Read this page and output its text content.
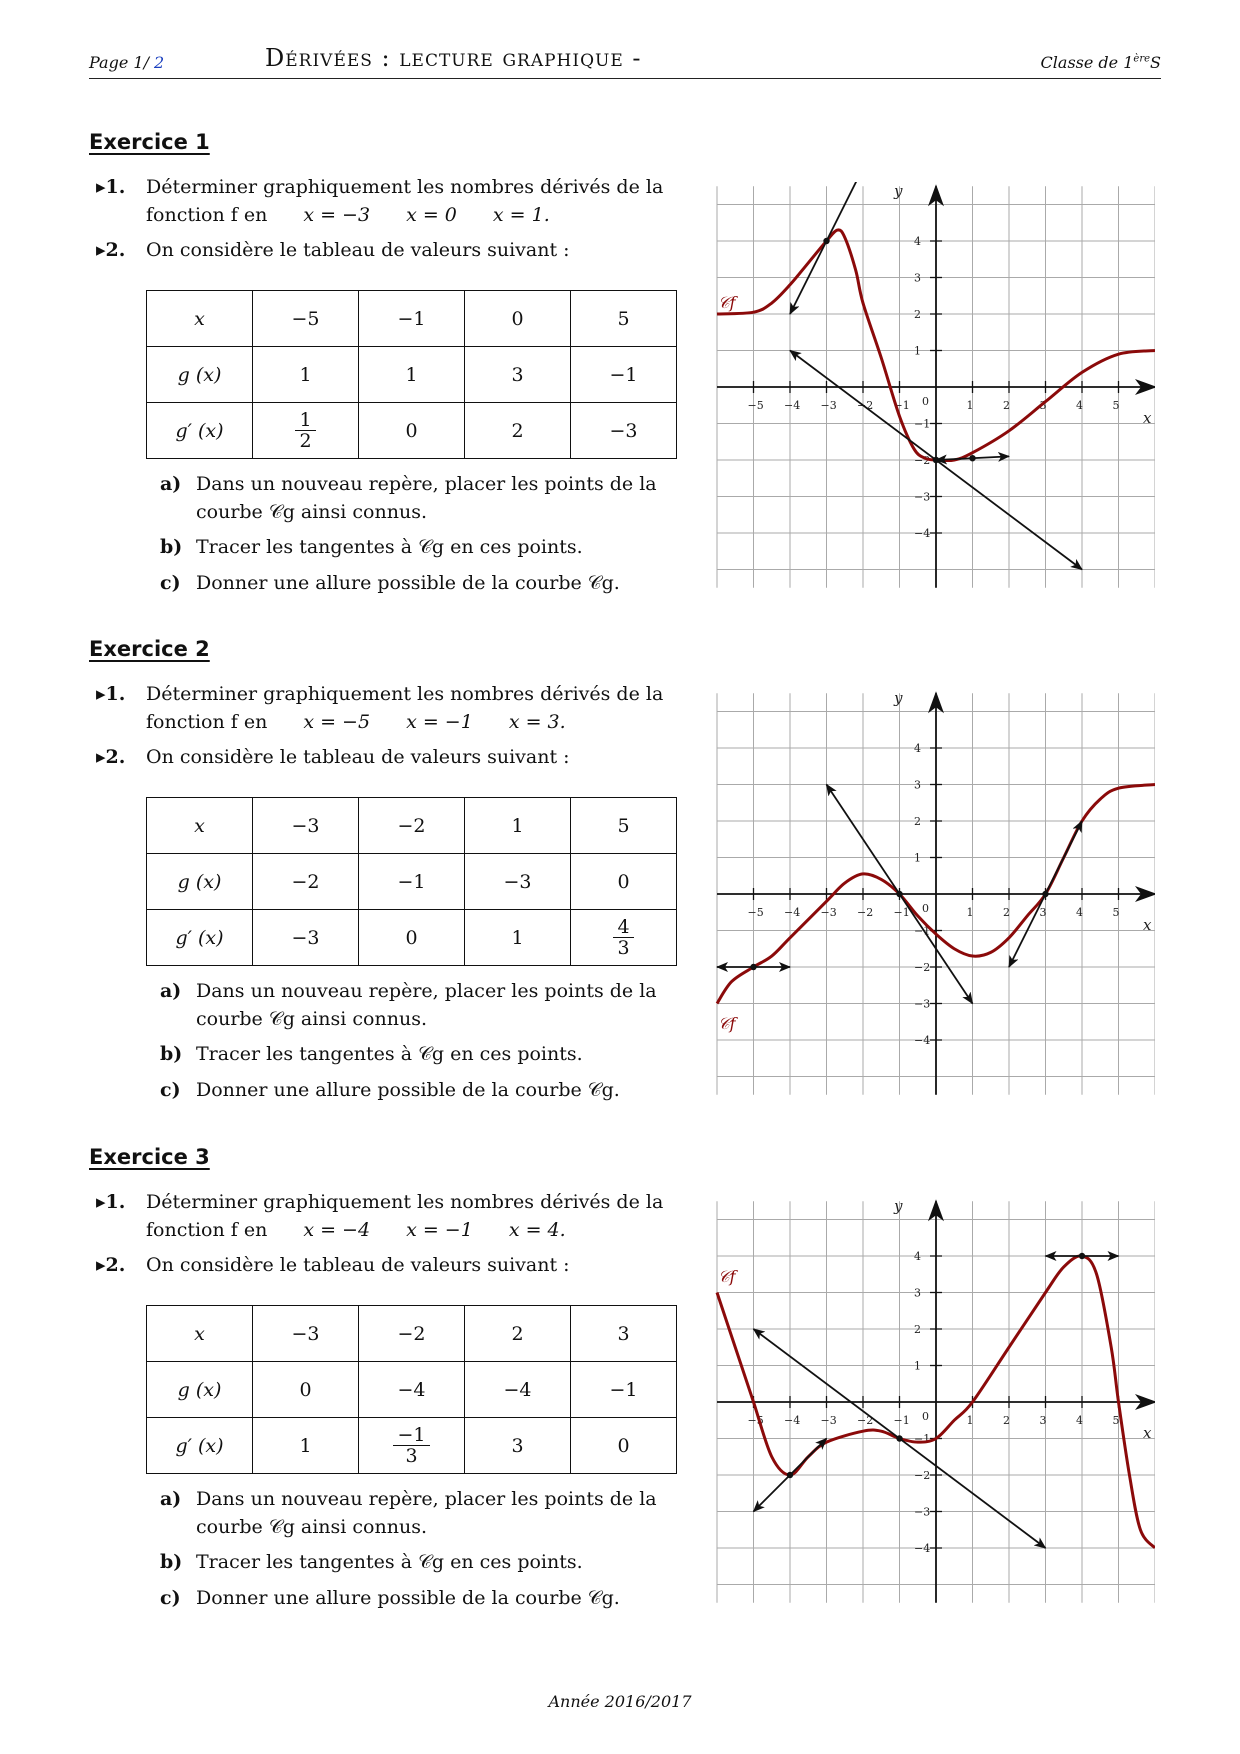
Page 1/ 2	Dérivées : lecture graphique -	Classe de 1èreS
Exercice 1
▸1. Déterminer graphiquement les nombres dérivés de la
fonction f en x = −3 x = 0 x = 1.
▸2. On considère le tableau de valeurs suivant :
x	−5	−1	0	5
g (x)	1	1	3	−1
g′ (x)	$\frac{1}{2}$	0	2	−3
a) Dans un nouveau repère, placer les points de la
courbe 𝒞g ainsi connus.
b) Tracer les tangentes à 𝒞g en ces points.
c) Donner une allure possible de la courbe 𝒞g.
−5 −4 −3 −2 −1	1	2	3	4	5
4
3
2
1
−1
−2
−3
−4
0
x
y
𝒞f
Exercice 2
▸1. Déterminer graphiquement les nombres dérivés de la
fonction f en x = −5 x = −1 x = 3.
▸2. On considère le tableau de valeurs suivant :
x	−3	−2	1	5
g (x)	−2	−1	−3	0
g′ (x)	−3	0	1	$\frac{4}{3}$
a) Dans un nouveau repère, placer les points de la
courbe 𝒞g ainsi connus.
b) Tracer les tangentes à 𝒞g en ces points.
c) Donner une allure possible de la courbe 𝒞g.
−5 −4 −3 −2 −1	1	2	3	4	5
4
3
2
1
−1
−2
−3
−4
0
x
y
𝒞f
Exercice 3
▸1. Déterminer graphiquement les nombres dérivés de la
fonction f en x = −4 x = −1 x = 4.
▸2. On considère le tableau de valeurs suivant :
x	−3	−2	2	3
g (x)	0	−4	−4	−1
g′ (x)	1	$\frac{-1}{3}$	3	0
a) Dans un nouveau repère, placer les points de la
courbe 𝒞g ainsi connus.
b) Tracer les tangentes à 𝒞g en ces points.
c) Donner une allure possible de la courbe 𝒞g.
−5 −4 −3 −2 −1	1	2	3	4	5
4
3
2
1
−1
−2
−3
−4
0
x
y
𝒞f
Année 2016/2017
